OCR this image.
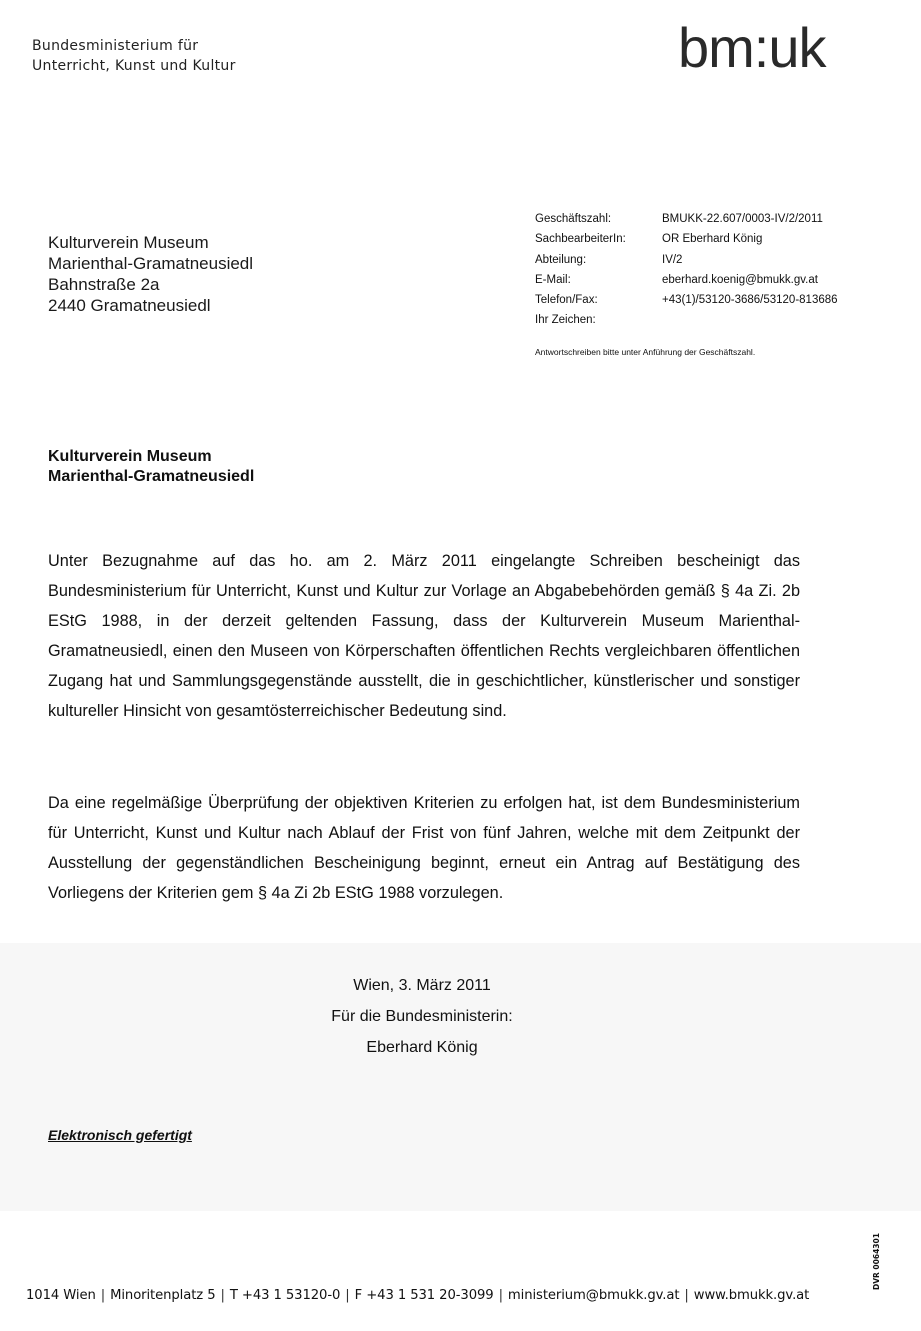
Bundesministerium für
Unterricht, Kunst und Kultur	bm:uk
Kulturverein Museum
Marienthal-Gramatneusiedl
Bahnstraße 2a
2440 Gramatneusiedl
Geschäftszahl:	BMUKK-22.607/0003-IV/2/2011
SachbearbeiterIn:	OR Eberhard König
Abteilung:	IV/2
E-Mail:	eberhard.koenig@bmukk.gv.at
Telefon/Fax:	+43(1)/53120-3686/53120-813686
Ihr Zeichen:
Antwortschreiben bitte unter Anführung der Geschäftszahl.
Kulturverein Museum
Marienthal-Gramatneusiedl
Unter Bezugnahme auf das ho. am 2. März 2011 eingelangte Schreiben bescheinigt das Bundesministerium für Unterricht, Kunst und Kultur zur Vorlage an Abgabebehörden gemäß § 4a Zi. 2b EStG 1988, in der derzeit geltenden Fassung, dass der Kulturverein Museum Marienthal-Gramatneusiedl, einen den Museen von Körperschaften öffentlichen Rechts vergleichbaren öffentlichen Zugang hat und Sammlungsgegenstände ausstellt, die in geschichtlicher, künstlerischer und sonstiger kultureller Hinsicht von gesamtösterreichischer Bedeutung sind.
Da eine regelmäßige Überprüfung der objektiven Kriterien zu erfolgen hat, ist dem Bundesministerium für Unterricht, Kunst und Kultur nach Ablauf der Frist von fünf Jahren, welche mit dem Zeitpunkt der Ausstellung der gegenständlichen Bescheinigung beginnt, erneut ein Antrag auf Bestätigung des Vorliegens der Kriterien gem § 4a Zi 2b EStG 1988 vorzulegen.
Wien, 3. März 2011
Für die Bundesministerin:
Eberhard König
Elektronisch gefertigt
1014 Wien | Minoritenplatz 5 | T +43 1 53120-0 | F +43 1 531 20-3099 | ministerium@bmukk.gv.at | www.bmukk.gv.at
DVR 0064301
